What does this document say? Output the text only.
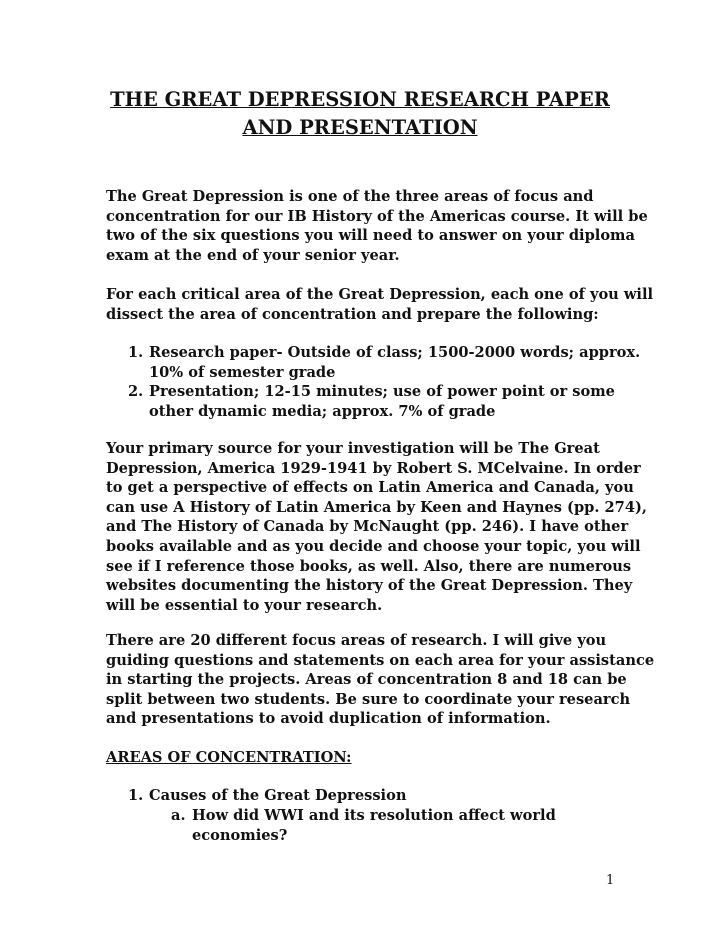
THE GREAT DEPRESSION RESEARCH PAPER
AND PRESENTATION

The Great Depression is one of the three areas of focus and
concentration for our IB History of the Americas course. It will be
two of the six questions you will need to answer on your diploma
exam at the end of your senior year.

For each critical area of the Great Depression, each one of you will
dissect the area of concentration and prepare the following:

1. Research paper- Outside of class; 1500-2000 words; approx.
10% of semester grade
2. Presentation; 12-15 minutes; use of power point or some
other dynamic media; approx. 7% of grade

Your primary source for your investigation will be The Great
Depression, America 1929-1941 by Robert S. MCelvaine. In order
to get a perspective of effects on Latin America and Canada, you
can use A History of Latin America by Keen and Haynes (pp. 274),
and The History of Canada by McNaught (pp. 246). I have other
books available and as you decide and choose your topic, you will
see if I reference those books, as well. Also, there are numerous
websites documenting the history of the Great Depression. They
will be essential to your research.

There are 20 different focus areas of research. I will give you
guiding questions and statements on each area for your assistance
in starting the projects. Areas of concentration 8 and 18 can be
split between two students. Be sure to coordinate your research
and presentations to avoid duplication of information.

AREAS OF CONCENTRATION:
1. Causes of the Great Depression
a. How did WWI and its resolution affect world
economies?
1
